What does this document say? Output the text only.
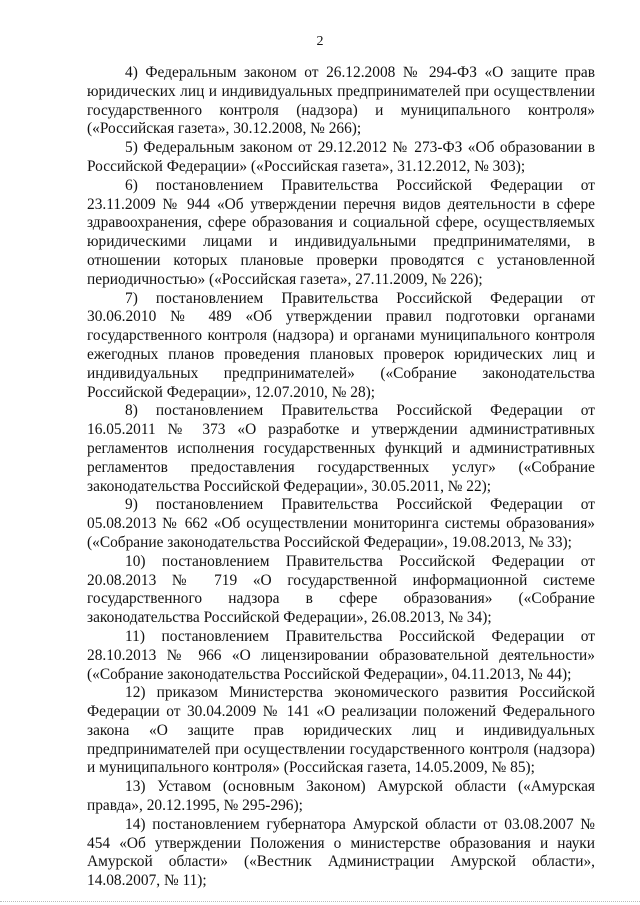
2

4) Федеральным законом от 26.12.2008 № 294-ФЗ «О защите прав юридических лиц и индивидуальных предпринимателей при осуществлении государственного контроля (надзора) и муниципального контроля» («Российская газета», 30.12.2008, № 266);

5) Федеральным законом от 29.12.2012 № 273-ФЗ «Об образовании в Российской Федерации» («Российская газета», 31.12.2012, № 303);

6) постановлением Правительства Российской Федерации от 23.11.2009 № 944 «Об утверждении перечня видов деятельности в сфере здравоохранения, сфере образования и социальной сфере, осуществляемых юридическими лицами и индивидуальными предпринимателями, в отношении которых плановые проверки проводятся с установленной периодичностью» («Российская газета», 27.11.2009, № 226);

7) постановлением Правительства Российской Федерации от 30.06.2010 № 489 «Об утверждении правил подготовки органами государственного контроля (надзора) и органами муниципального контроля ежегодных планов проведения плановых проверок юридических лиц и индивидуальных предпринимателей» («Собрание законодательства Российской Федерации», 12.07.2010, № 28);

8) постановлением Правительства Российской Федерации от 16.05.2011 № 373 «О разработке и утверждении административных регламентов исполнения государственных функций и административных регламентов предоставления государственных услуг» («Собрание законодательства Российской Федерации», 30.05.2011, № 22);

9) постановлением Правительства Российской Федерации от 05.08.2013 № 662 «Об осуществлении мониторинга системы образования» («Собрание законодательства Российской Федерации», 19.08.2013, № 33);

10) постановлением Правительства Российской Федерации от 20.08.2013 № 719 «О государственной информационной системе государственного надзора в сфере образования» («Собрание законодательства Российской Федерации», 26.08.2013, № 34);

11) постановлением Правительства Российской Федерации от 28.10.2013 № 966 «О лицензировании образовательной деятельности» («Собрание законодательства Российской Федерации», 04.11.2013, № 44);

12) приказом Министерства экономического развития Российской Федерации от 30.04.2009 № 141 «О реализации положений Федерального закона «О защите прав юридических лиц и индивидуальных предпринимателей при осуществлении государственного контроля (надзора) и муниципального контроля» (Российская газета, 14.05.2009, № 85);

13) Уставом (основным Законом) Амурской области («Амурская правда», 20.12.1995, № 295-296);

14) постановлением губернатора Амурской области от 03.08.2007 № 454 «Об утверждении Положения о министерстве образования и науки Амурской области» («Вестник Администрации Амурской области», 14.08.2007, № 11);
